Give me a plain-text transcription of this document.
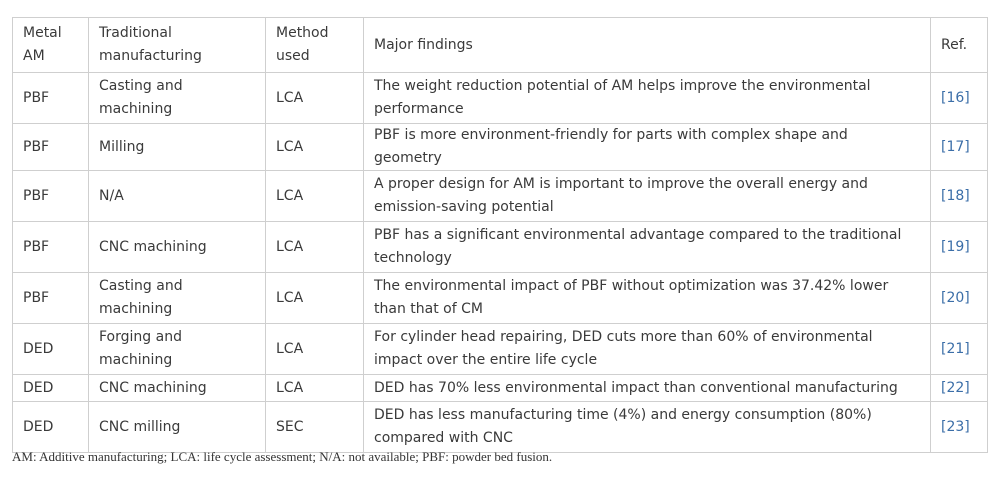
Metal AM	Traditional manufacturing	Method used	Major findings	Ref.
PBF	Casting and machining	LCA	The weight reduction potential of AM helps improve the environmental performance	[16]
PBF	Milling	LCA	PBF is more environment-friendly for parts with complex shape and geometry	[17]
PBF	N/A	LCA	A proper design for AM is important to improve the overall energy and emission-saving potential	[18]
PBF	CNC machining	LCA	PBF has a significant environmental advantage compared to the traditional technology	[19]
PBF	Casting and machining	LCA	The environmental impact of PBF without optimization was 37.42% lower than that of CM	[20]
DED	Forging and machining	LCA	For cylinder head repairing, DED cuts more than 60% of environmental impact over the entire life cycle	[21]
DED	CNC machining	LCA	DED has 70% less environmental impact than conventional manufacturing	[22]
DED	CNC milling	SEC	DED has less manufacturing time (4%) and energy consumption (80%) compared with CNC	[23]
AM: Additive manufacturing; LCA: life cycle assessment; N/A: not available; PBF: powder bed fusion.
